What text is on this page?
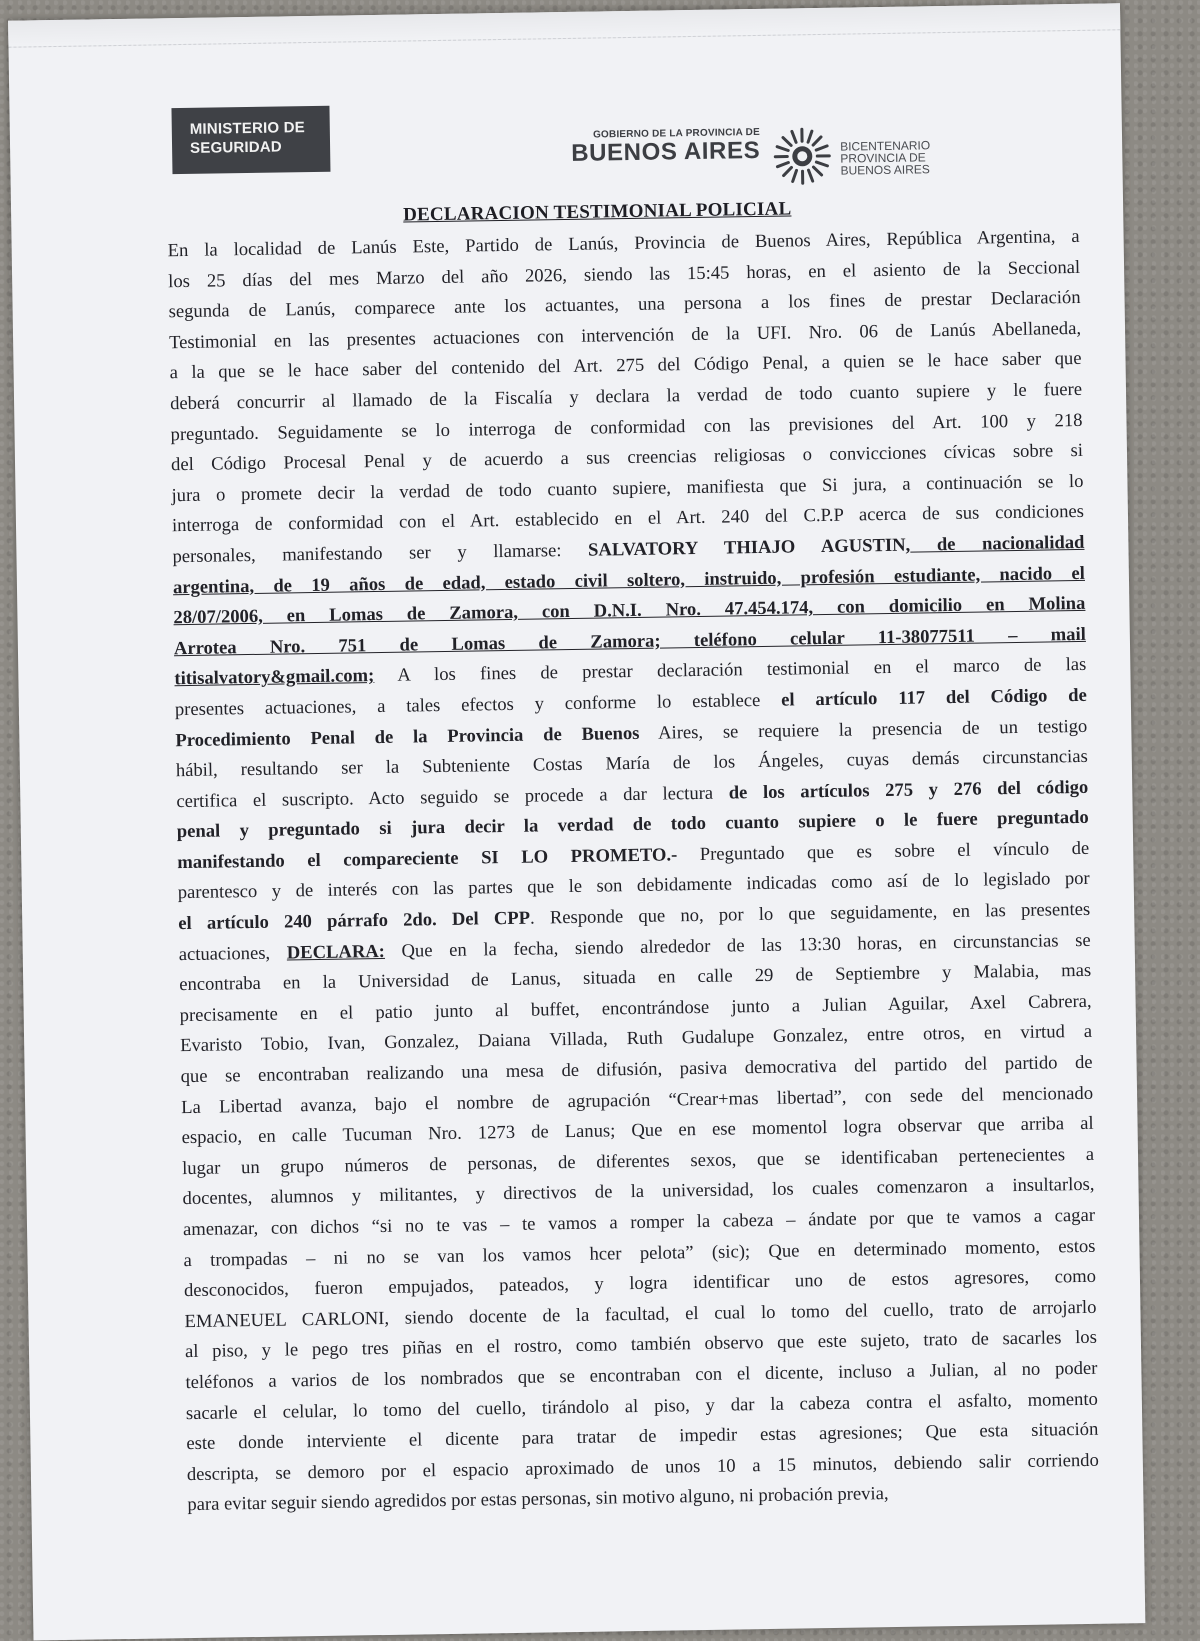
MINISTERIO DE
SEGURIDAD
GOBIERNO DE LA PROVINCIA DE
BUENOS AIRES	BICENTENARIO
PROVINCIA DE
BUENOS AIRES
DECLARACION TESTIMONIAL POLICIAL
En la localidad de Lanús Este, Partido de Lanús, Provincia de Buenos Aires, República Argentina, a
los 25 días del mes Marzo del año 2026, siendo las 15:45 horas, en el asiento de la Seccional
segunda de Lanús, comparece ante los actuantes, una persona a los fines de prestar Declaración
Testimonial en las presentes actuaciones con intervención de la UFI. Nro. 06 de Lanús Abellaneda,
a la que se le hace saber del contenido del Art. 275 del Código Penal, a quien se le hace saber que
deberá concurrir al llamado de la Fiscalía y declara la verdad de todo cuanto supiere y le fuere
preguntado. Seguidamente se lo interroga de conformidad con las previsiones del Art. 100 y 218
del Código Procesal Penal y de acuerdo a sus creencias religiosas o convicciones cívicas sobre si
jura o promete decir la verdad de todo cuanto supiere, manifiesta que Si jura, a continuación se lo
interroga de conformidad con el Art. establecido en el Art. 240 del C.P.P acerca de sus condiciones
personales, manifestando ser y llamarse: SALVATORY THIAJO AGUSTIN, de nacionalidad
argentina, de 19 años de edad, estado civil soltero, instruido, profesión estudiante, nacido el
28/07/2006, en Lomas de Zamora, con D.N.I. Nro. 47.454.174, con domicilio en Molina
Arrotea Nro. 751 de Lomas de Zamora; teléfono celular 11-38077511 – mail
titisalvatory&gmail.com; A los fines de prestar declaración testimonial en el marco de las
presentes actuaciones, a tales efectos y conforme lo establece el artículo 117 del Código de
Procedimiento Penal de la Provincia de Buenos Aires, se requiere la presencia de un testigo
hábil, resultando ser la Subteniente Costas María de los Ángeles, cuyas demás circunstancias
certifica el suscripto. Acto seguido se procede a dar lectura de los artículos 275 y 276 del código
penal y preguntado si jura decir la verdad de todo cuanto supiere o le fuere preguntado
manifestando el compareciente SI LO PROMETO.- Preguntado que es sobre el vínculo de
parentesco y de interés con las partes que le son debidamente indicadas como así de lo legislado por
el artículo 240 párrafo 2do. Del CPP. Responde que no, por lo que seguidamente, en las presentes
actuaciones, DECLARA: Que en la fecha, siendo alrededor de las 13:30 horas, en circunstancias se
encontraba en la Universidad de Lanus, situada en calle 29 de Septiembre y Malabia, mas
precisamente en el patio junto al buffet, encontrándose junto a Julian Aguilar, Axel Cabrera,
Evaristo Tobio, Ivan, Gonzalez, Daiana Villada, Ruth Gudalupe Gonzalez, entre otros, en virtud a
que se encontraban realizando una mesa de difusión, pasiva democrativa del partido del partido de
La Libertad avanza, bajo el nombre de agrupación “Crear+mas libertad”, con sede del mencionado
espacio, en calle Tucuman Nro. 1273 de Lanus; Que en ese momentol logra observar que arriba al
lugar un grupo números de personas, de diferentes sexos, que se identificaban pertenecientes a
docentes, alumnos y militantes, y directivos de la universidad, los cuales comenzaron a insultarlos,
amenazar, con dichos “si no te vas – te vamos a romper la cabeza – ándate por que te vamos a cagar
a trompadas – ni no se van los vamos hcer pelota” (sic); Que en determinado momento, estos
desconocidos, fueron empujados, pateados, y logra identificar uno de estos agresores, como
EMANEUEL CARLONI, siendo docente de la facultad, el cual lo tomo del cuello, trato de arrojarlo
al piso, y le pego tres piñas en el rostro, como también observo que este sujeto, trato de sacarles los
teléfonos a varios de los nombrados que se encontraban con el dicente, incluso a Julian, al no poder
sacarle el celular, lo tomo del cuello, tirándolo al piso, y dar la cabeza contra el asfalto, momento
este donde interviente el dicente para tratar de impedir estas agresiones; Que esta situación
descripta, se demoro por el espacio aproximado de unos 10 a 15 minutos, debiendo salir corriendo
para evitar seguir siendo agredidos por estas personas, sin motivo alguno, ni probación previa,
